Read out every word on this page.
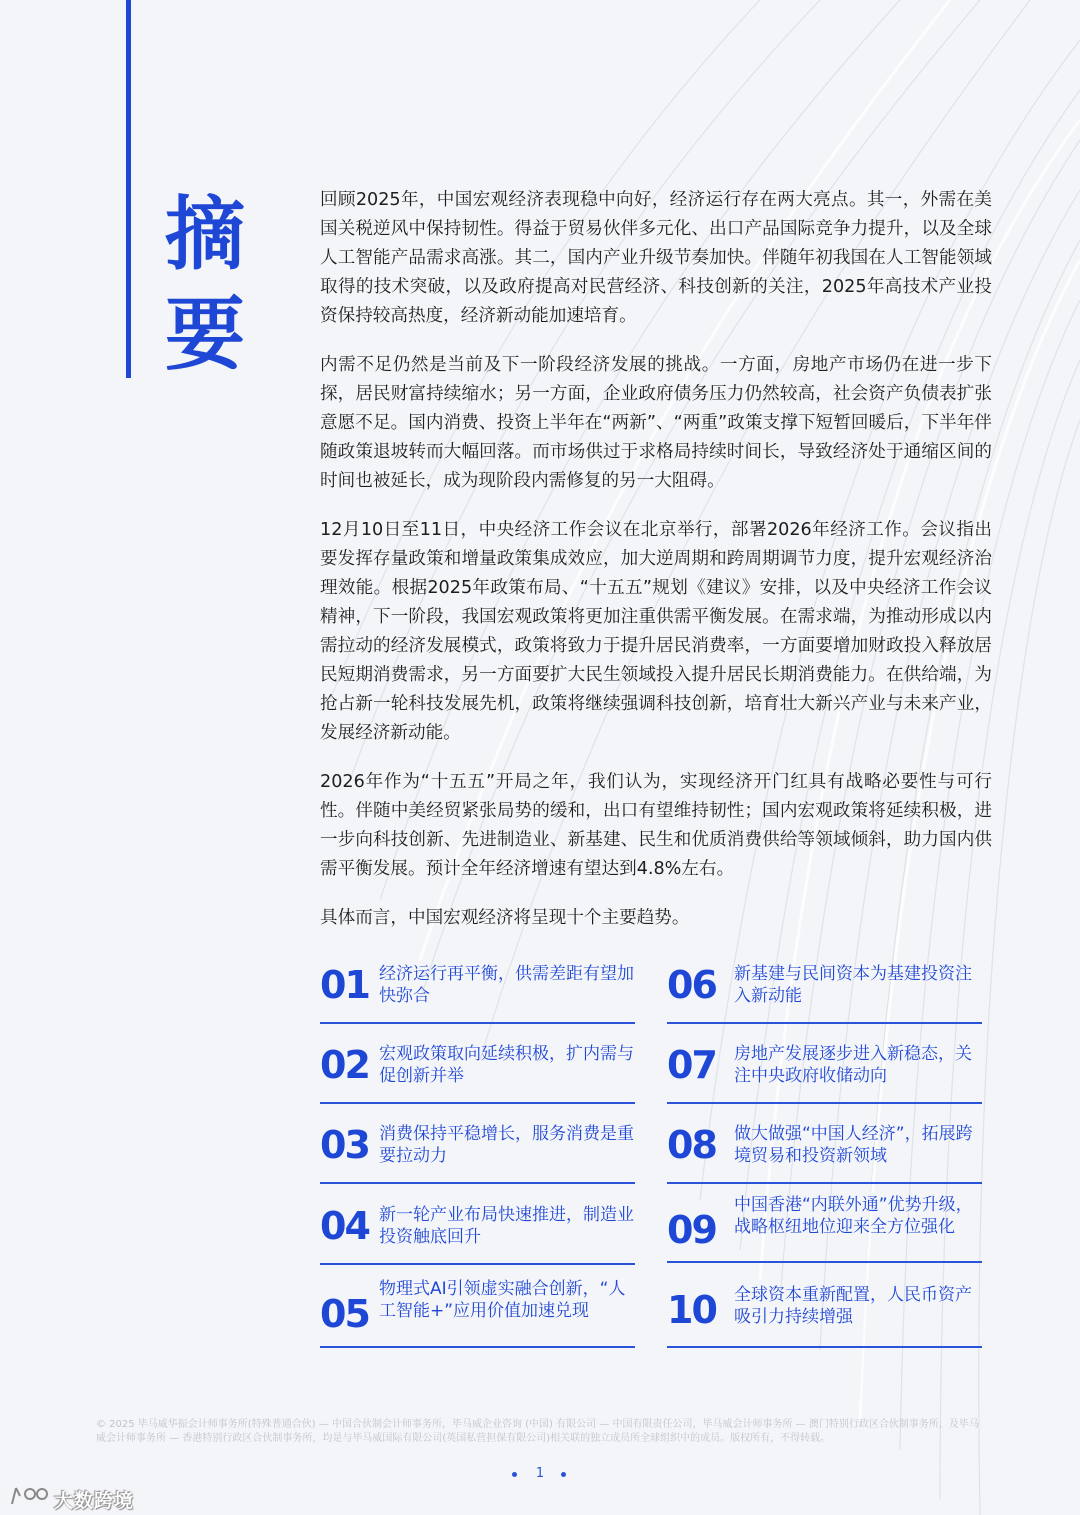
摘
要

回顾2025年，中国宏观经济表现稳中向好，经济运行存在两大亮点。其一，外需在美国关税逆风中保持韧性。得益于贸易伙伴多元化、出口产品国际竞争力提升，以及全球人工智能产品需求高涨。其二，国内产业升级节奏加快。伴随年初我国在人工智能领域取得的技术突破，以及政府提高对民营经济、科技创新的关注，2025年高技术产业投资保持较高热度，经济新动能加速培育。

内需不足仍然是当前及下一阶段经济发展的挑战。一方面，房地产市场仍在进一步下探，居民财富持续缩水；另一方面，企业政府债务压力仍然较高，社会资产负债表扩张意愿不足。国内消费、投资上半年在“两新”、“两重”政策支撑下短暂回暖后，下半年伴随政策退坡转而大幅回落。而市场供过于求格局持续时间长，导致经济处于通缩区间的时间也被延长，成为现阶段内需修复的另一大阻碍。

12月10日至11日，中央经济工作会议在北京举行，部署2026年经济工作。会议指出要发挥存量政策和增量政策集成效应，加大逆周期和跨周期调节力度，提升宏观经济治理效能。根据2025年政策布局、“十五五”规划《建议》安排，以及中央经济工作会议精神，下一阶段，我国宏观政策将更加注重供需平衡发展。在需求端，为推动形成以内需拉动的经济发展模式，政策将致力于提升居民消费率，一方面要增加财政投入释放居民短期消费需求，另一方面要扩大民生领域投入提升居民长期消费能力。在供给端，为抢占新一轮科技发展先机，政策将继续强调科技创新，培育壮大新兴产业与未来产业，发展经济新动能。

2026年作为“十五五”开局之年，我们认为，实现经济开门红具有战略必要性与可行性。伴随中美经贸紧张局势的缓和，出口有望维持韧性；国内宏观政策将延续积极，进一步向科技创新、先进制造业、新基建、民生和优质消费供给等领域倾斜，助力国内供需平衡发展。预计全年经济增速有望达到4.8%左右。

具体而言，中国宏观经济将呈现十个主要趋势。

01 经济运行再平衡，供需差距有望加快弥合
02 宏观政策取向延续积极，扩内需与促创新并举
03 消费保持平稳增长，服务消费是重要拉动力
04 新一轮产业布局快速推进，制造业投资触底回升
05
物理式AI引领虚实融合创新，“人工智能+”应用价值加速兑现
06 新基建与民间资本为基建投资注入新动能
07 房地产发展逐步进入新稳态，关注中央政府收储动向
08 做大做强“中国人经济”，拓展跨境贸易和投资新领域
09
中国香港“内联外通”优势升级，战略枢纽地位迎来全方位强化
10 全球资本重新配置，人民币资产吸引力持续增强
© 2025 毕马威华振会计师事务所(特殊普通合伙) — 中国合伙制会计师事务所，毕马威企业咨询 (中国) 有限公司 — 中国有限责任公司，毕马威会计师事务所 — 澳门特别行政区合伙制事务所，及毕马威会计师事务所 — 香港特别行政区合伙制事务所，均是与毕马威国际有限公司(英国私营担保有限公司)相关联的独立成员所全球组织中的成员。版权所有，不得转载。
1
大数跨境
